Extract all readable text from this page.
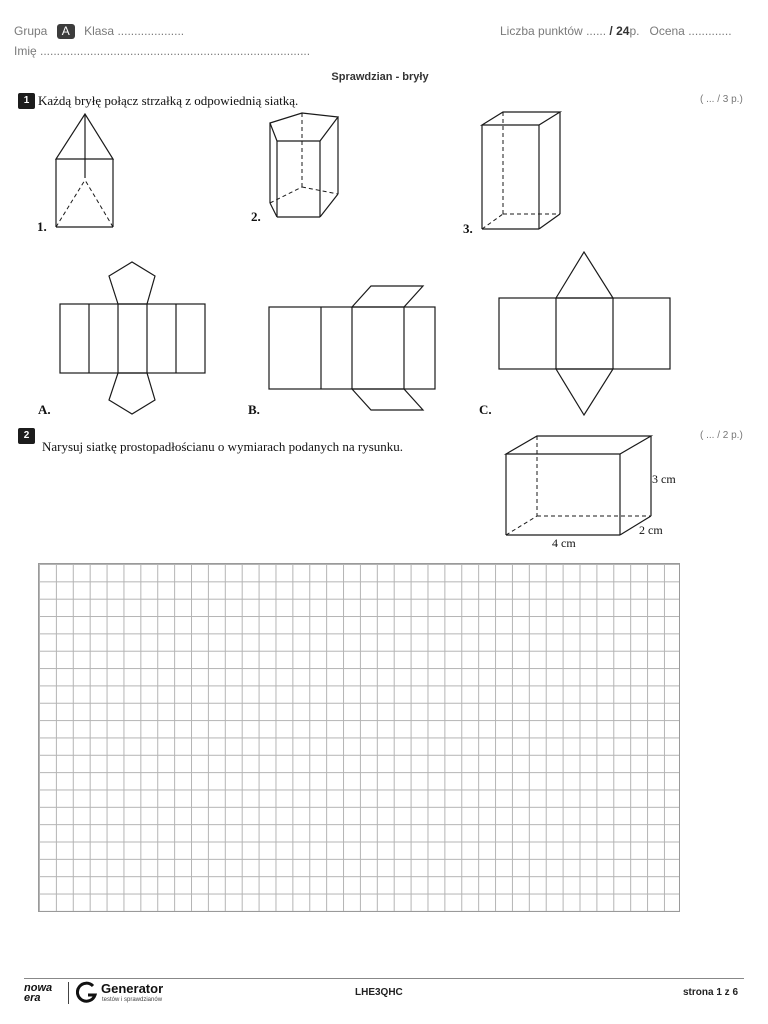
Grupa A Klasa ....................	Liczba punktów ...... / 24p. Ocena .............
Imię .................................................................................
Sprawdzian - bryły
1 Każdą bryłę połącz strzałką z odpowiednią siatką.	( ... / 3 p.)
1.
2.
3.
A.	B.	C.
2
Narysuj siatkę prostopadłościanu o wymiarach podanych na rysunku.
( ... / 2 p.)
3 cm
2 cm
4 cm
nowa era
Generator
testów i sprawdzianów
LHE3QHC	strona 1 z 6
